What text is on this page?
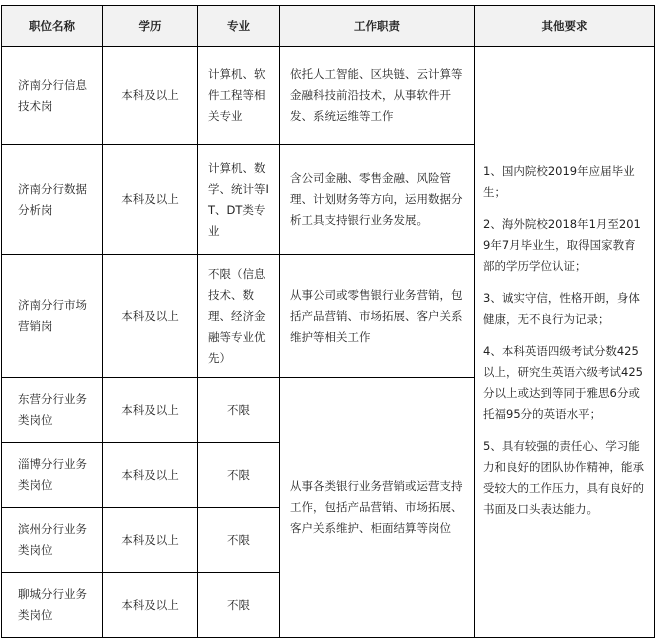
职位名称	学历	专业	工作职责	其他要求
济南分行信息技术岗	本科及以上	计算机、软件工程等相关专业	依托人工智能、区块链、云计算等金融科技前沿技术，从事软件开发、系统运维等工作	1、国内院校2019年应届毕业生；
2、海外院校2018年1月至2019年7月毕业生，取得国家教育部的学历学位认证；
3、诚实守信，性格开朗，身体健康，无不良行为记录；
4、本科英语四级考试分数425以上，研究生英语六级考试425分以上或达到等同于雅思6分或托福95分的英语水平；
5、具有较强的责任心、学习能力和良好的团队协作精神，能承受较大的工作压力，具有良好的书面及口头表达能力。

济南分行数据分析岗	本科及以上	计算机、数学、统计等IT、DT类专业	含公司金融、零售金融、风险管理、计划财务等方向，运用数据分析工具支持银行业务发展。	
济南分行市场营销岗	本科及以上	不限（信息技术、数理、经济金融等专业优先）	从事公司或零售银行业务营销，包括产品营销、市场拓展、客户关系维护等相关工作	
东营分行业务类岗位	本科及以上	不限	从事各类银行业务营销或运营支持工作，包括产品营销、市场拓展、客户关系维护、柜面结算等岗位	
淄博分行业务类岗位	本科及以上	不限		
滨州分行业务类岗位	本科及以上	不限		
聊城分行业务类岗位	本科及以上	不限		
